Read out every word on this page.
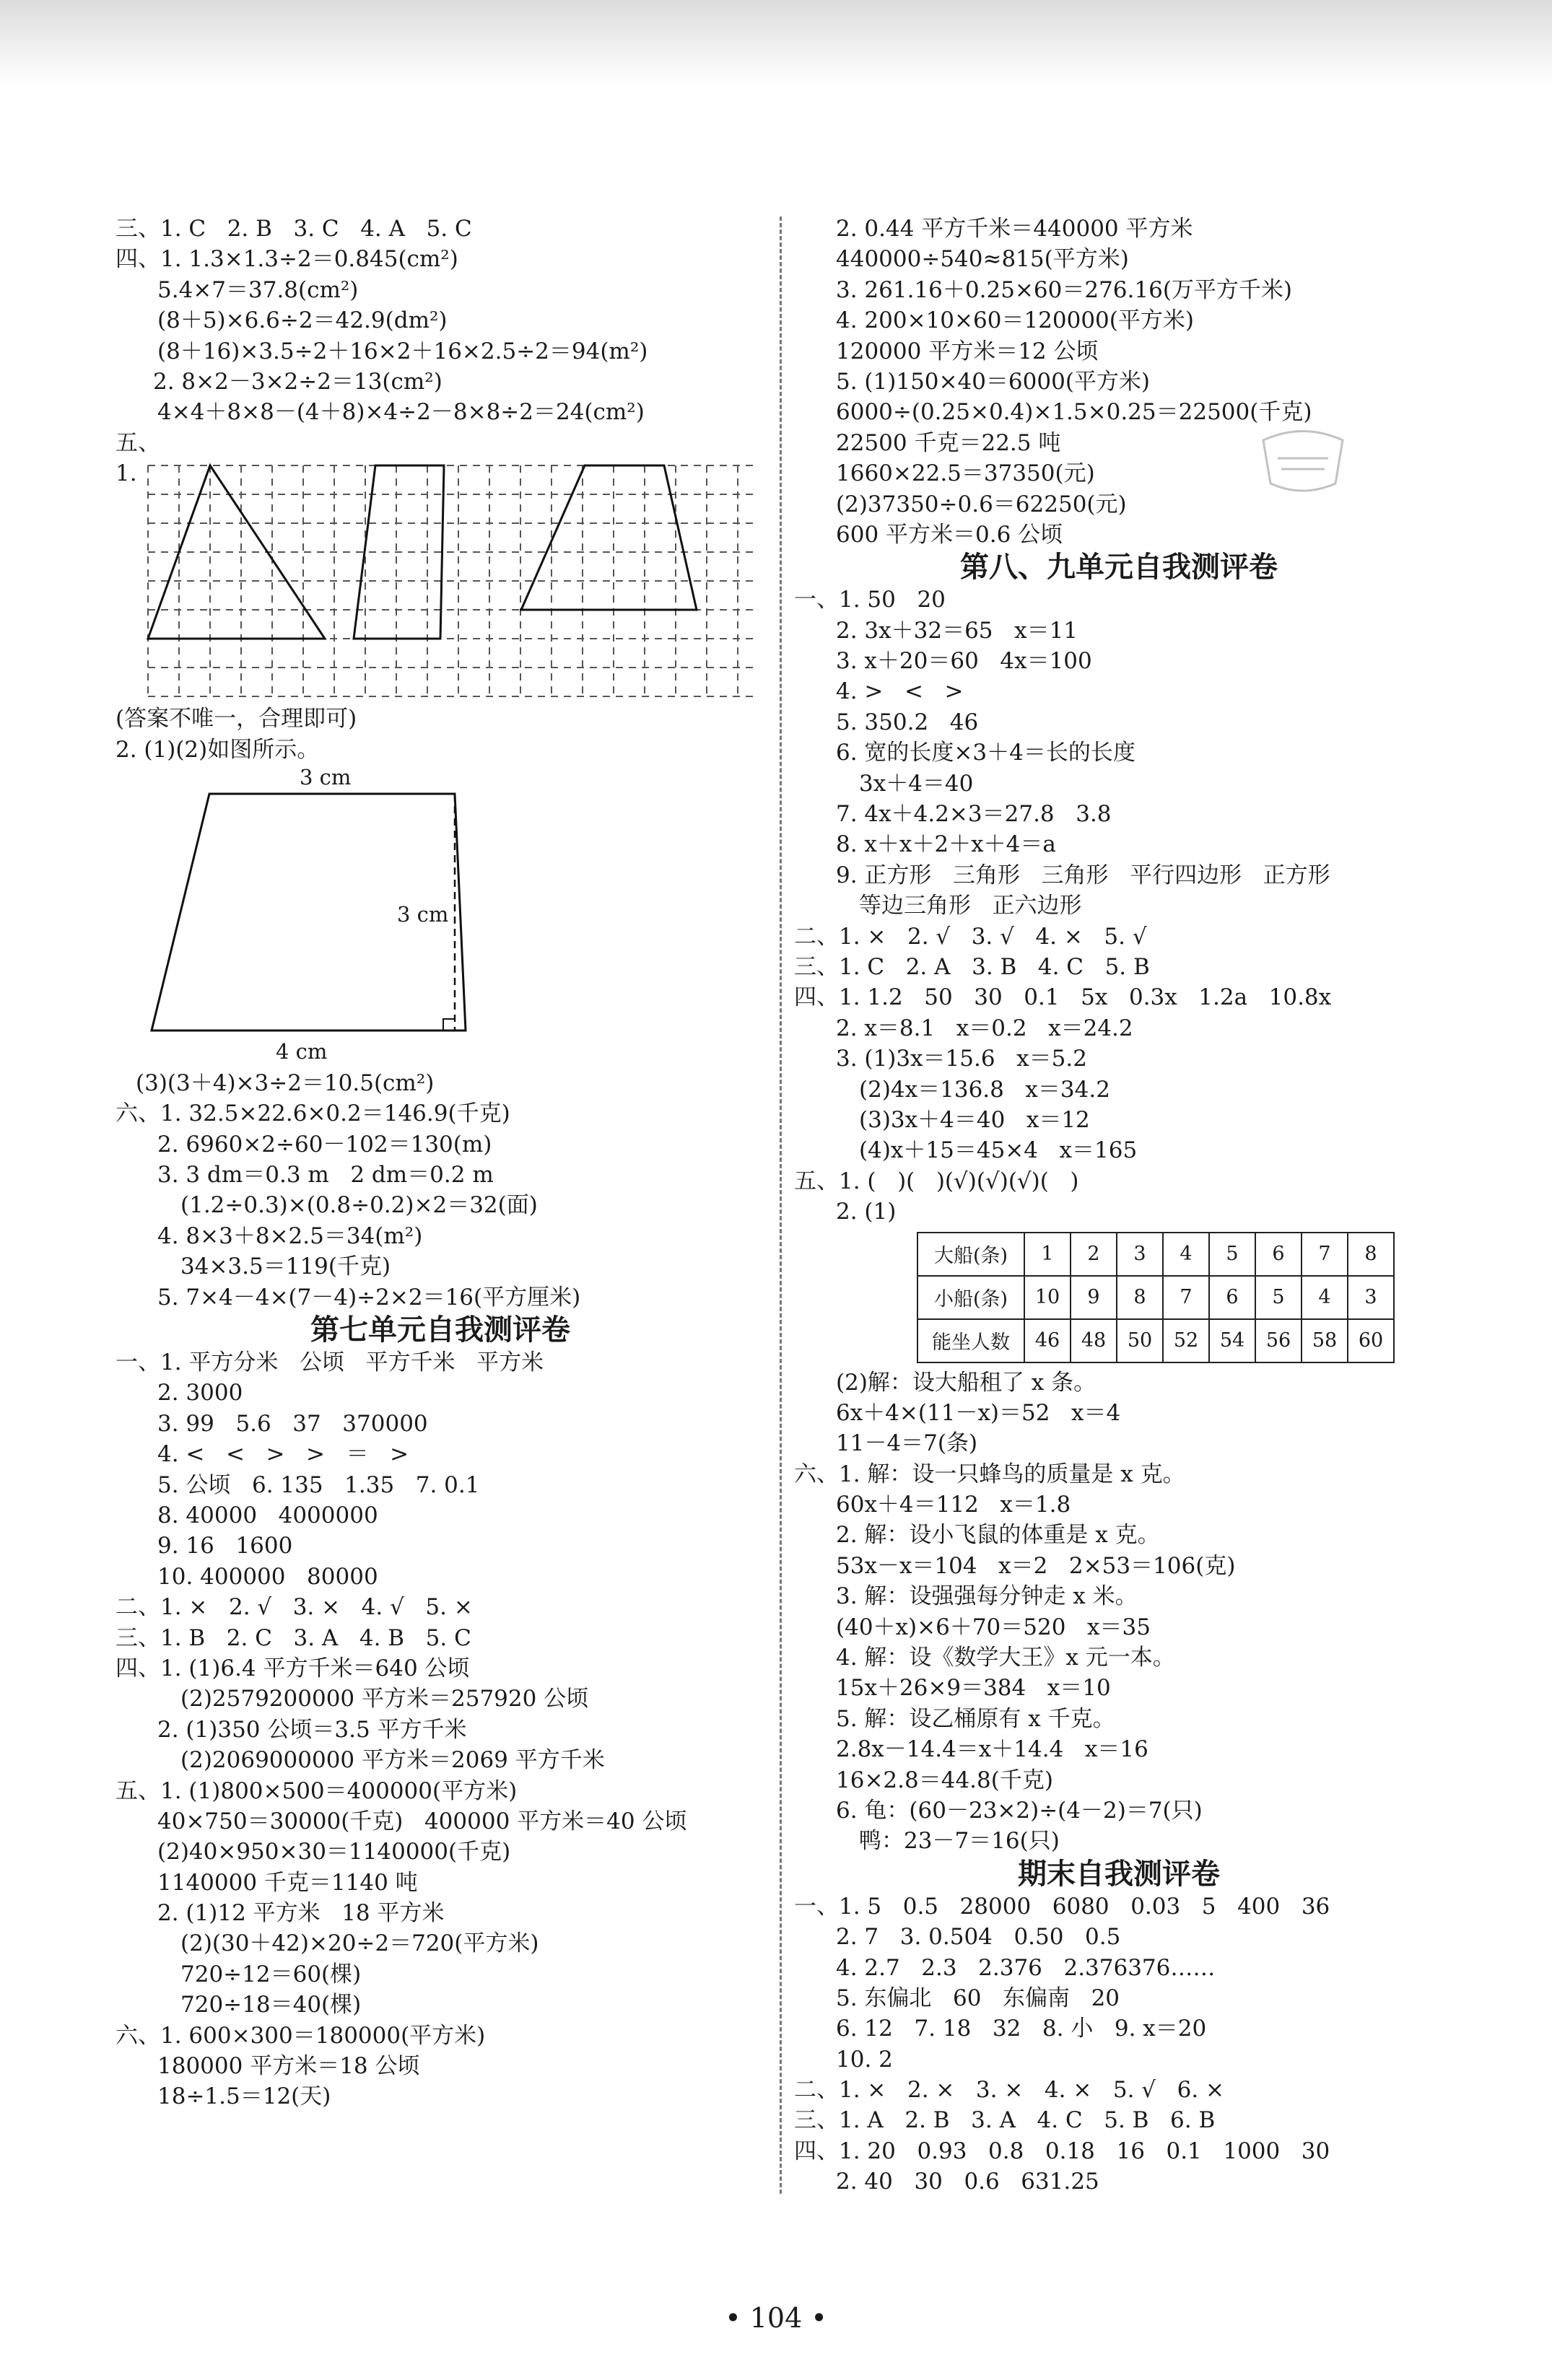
三、1. C   2. B   3. C   4. A   5. C
四、1. 1.3×1.3÷2＝0.845(cm²)
5.4×7＝37.8(cm²)
(8＋5)×6.6÷2＝42.9(dm²)
(8＋16)×3.5÷2＋16×2＋16×2.5÷2＝94(m²)
2. 8×2－3×2÷2＝13(cm²)
4×4＋8×8－(4＋8)×4÷2－8×8÷2＝24(cm²)
五、
1.
(答案不唯一，合理即可)
2. (1)(2)如图所示。
3 cm
3 cm
4 cm
(3)(3＋4)×3÷2＝10.5(cm²)
六、1. 32.5×22.6×0.2＝146.9(千克)
2. 6960×2÷60－102＝130(m)
3. 3 dm＝0.3 m   2 dm＝0.2 m
(1.2÷0.3)×(0.8÷0.2)×2＝32(面)
4. 8×3＋8×2.5＝34(m²)
34×3.5＝119(千克)
5. 7×4－4×(7－4)÷2×2＝16(平方厘米)
第七单元自我测评卷
一、1. 平方分米   公顷   平方千米   平方米
2. 3000
3. 99   5.6   37   370000
4. <   <   >   >   ＝   >
5. 公顷   6. 135   1.35   7. 0.1
8. 40000   4000000
9. 16   1600
10. 400000   80000
二、1. ×   2. √   3. ×   4. √   5. ×
三、1. B   2. C   3. A   4. B   5. C
四、1. (1)6.4 平方千米＝640 公顷
(2)2579200000 平方米＝257920 公顷
2. (1)350 公顷＝3.5 平方千米
(2)2069000000 平方米＝2069 平方千米
五、1. (1)800×500＝400000(平方米)
40×750＝30000(千克)   400000 平方米＝40 公顷
(2)40×950×30＝1140000(千克)
1140000 千克＝1140 吨
2. (1)12 平方米   18 平方米
(2)(30＋42)×20÷2＝720(平方米)
720÷12＝60(棵)
720÷18＝40(棵)
六、1. 600×300＝180000(平方米)
180000 平方米＝18 公顷
18÷1.5＝12(天)
2. 0.44 平方千米＝440000 平方米
440000÷540≈815(平方米)
3. 261.16＋0.25×60＝276.16(万平方千米)
4. 200×10×60＝120000(平方米)
120000 平方米＝12 公顷
5. (1)150×40＝6000(平方米)
6000÷(0.25×0.4)×1.5×0.25＝22500(千克)
22500 千克＝22.5 吨
1660×22.5＝37350(元)
(2)37350÷0.6＝62250(元)
600 平方米＝0.6 公顷
第八、九单元自我测评卷
一、1. 50   20
2. 3x＋32＝65   x＝11
3. x＋20＝60   4x＝100
4. >   <   >
5. 350.2   46
6. 宽的长度×3＋4＝长的长度
3x＋4＝40
7. 4x＋4.2×3＝27.8   3.8
8. x＋x＋2＋x＋4＝a
9. 正方形   三角形   三角形   平行四边形   正方形
等边三角形   正六边形
二、1. ×   2. √   3. √   4. ×   5. √
三、1. C   2. A   3. B   4. C   5. B
四、1. 1.2   50   30   0.1   5x   0.3x   1.2a   10.8x
2. x＝8.1   x＝0.2   x＝24.2
3. (1)3x＝15.6   x＝5.2
(2)4x＝136.8   x＝34.2
(3)3x＋4＝40   x＝12
(4)x＋15＝45×4   x＝165
五、1. (   )(   )(√)(√)(√)(   )
2. (1)
大船(条)	1	2	3	4	5	6	7	8
小船(条)	10	9	8	7	6	5	4	3
能坐人数	46	48	50	52	54	56	58	60
(2)解：设大船租了 x 条。
6x＋4×(11－x)＝52   x＝4
11－4＝7(条)
六、1. 解：设一只蜂鸟的质量是 x 克。
60x＋4＝112   x＝1.8
2. 解：设小飞鼠的体重是 x 克。
53x－x＝104   x＝2   2×53＝106(克)
3. 解：设强强每分钟走 x 米。
(40＋x)×6＋70＝520   x＝35
4. 解：设《数学大王》x 元一本。
15x＋26×9＝384   x＝10
5. 解：设乙桶原有 x 千克。
2.8x－14.4＝x＋14.4   x＝16
16×2.8＝44.8(千克)
6. 龟：(60－23×2)÷(4－2)＝7(只)
鸭：23－7＝16(只)
期末自我测评卷
一、1. 5   0.5   28000   6080   0.03   5   400   36
2. 7   3. 0.504   0.50   0.5
4. 2.7   2.3   2.376   2.376376……
5. 东偏北   60   东偏南   20
6. 12   7. 18   32   8. 小   9. x＝20
10. 2
二、1. ×   2. ×   3. ×   4. ×   5. √   6. ×
三、1. A   2. B   3. A   4. C   5. B   6. B
四、1. 20   0.93   0.8   0.18   16   0.1   1000   30
2. 40   30   0.6   631.25
• 104 •
